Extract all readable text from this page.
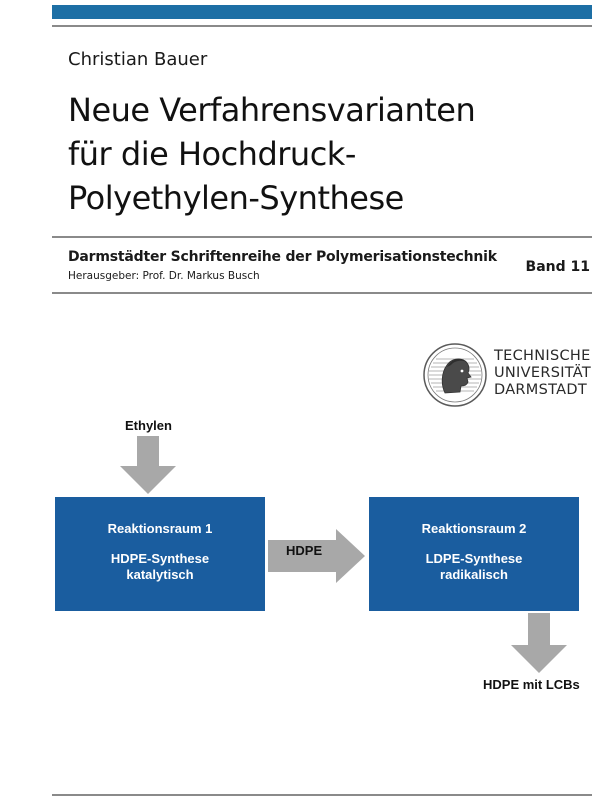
Christian Bauer
Neue Verfahrensvarianten
für die Hochdruck-
Polyethylen-Synthese
Darmstädter Schriftenreihe der Polymerisationstechnik
Herausgeber: Prof. Dr. Markus Busch
Band 11
TECHNISCHE
UNIVERSITÄT
DARMSTADT
Ethylen
Reaktionsraum 1
HDPE-Synthese
katalytisch
HDPE
Reaktionsraum 2
LDPE-Synthese
radikalisch
HDPE mit LCBs
